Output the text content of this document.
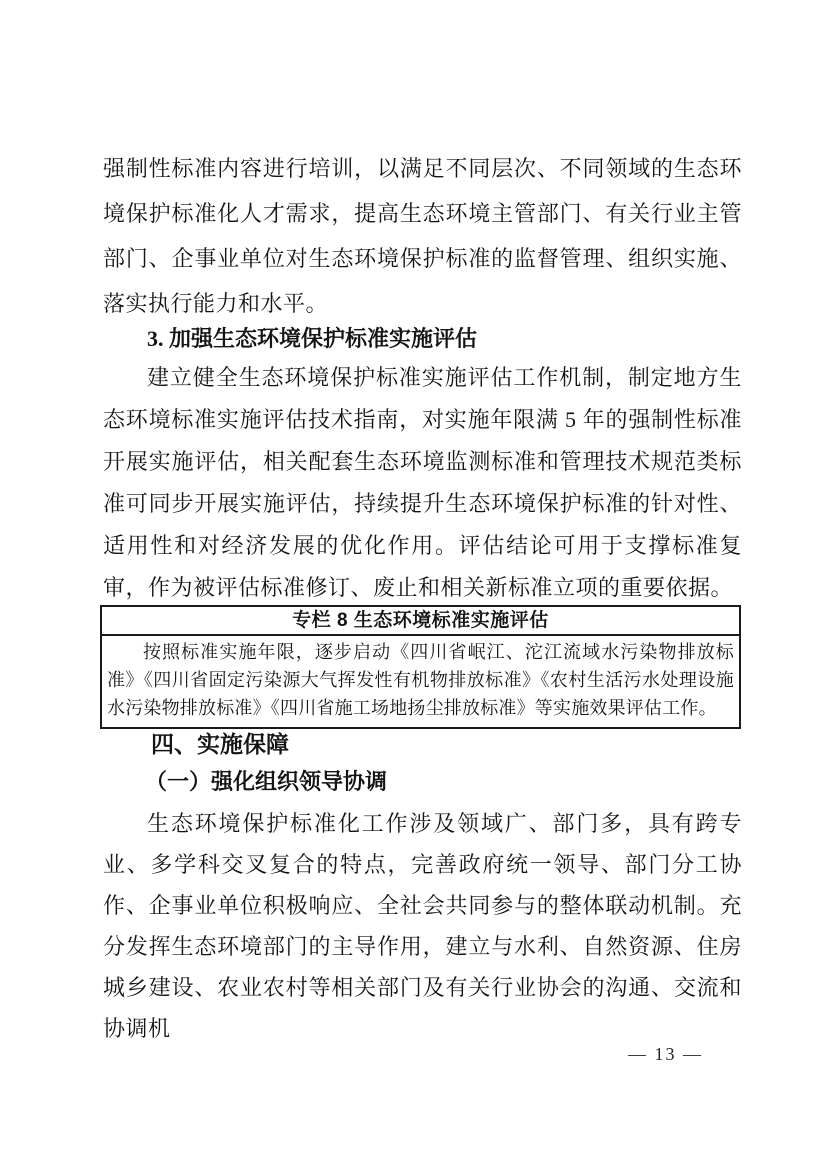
强制性标准内容进行培训，以满足不同层次、不同领域的生态环境保护标准化人才需求，提高生态环境主管部门、有关行业主管部门、企事业单位对生态环境保护标准的监督管理、组织实施、落实执行能力和水平。

3. 加强生态环境保护标准实施评估

建立健全生态环境保护标准实施评估工作机制，制定地方生态环境标准实施评估技术指南，对实施年限满 5 年的强制性标准开展实施评估，相关配套生态环境监测标准和管理技术规范类标准可同步开展实施评估，持续提升生态环境保护标准的针对性、适用性和对经济发展的优化作用。评估结论可用于支撑标准复审，作为被评估标准修订、废止和相关新标准立项的重要依据。

专栏 8 生态环境标准实施评估
按照标准实施年限，逐步启动《四川省岷江、沱江流域水污染物排放标准》《四川省固定污染源大气挥发性有机物排放标准》《农村生活污水处理设施水污染物排放标准》《四川省施工场地扬尘排放标准》等实施效果评估工作。
四、实施保障
（一）强化组织领导协调

生态环境保护标准化工作涉及领域广、部门多，具有跨专业、多学科交叉复合的特点，完善政府统一领导、部门分工协作、企事业单位积极响应、全社会共同参与的整体联动机制。充分发挥生态环境部门的主导作用，建立与水利、自然资源、住房城乡建设、农业农村等相关部门及有关行业协会的沟通、交流和协调机

— 13 —
